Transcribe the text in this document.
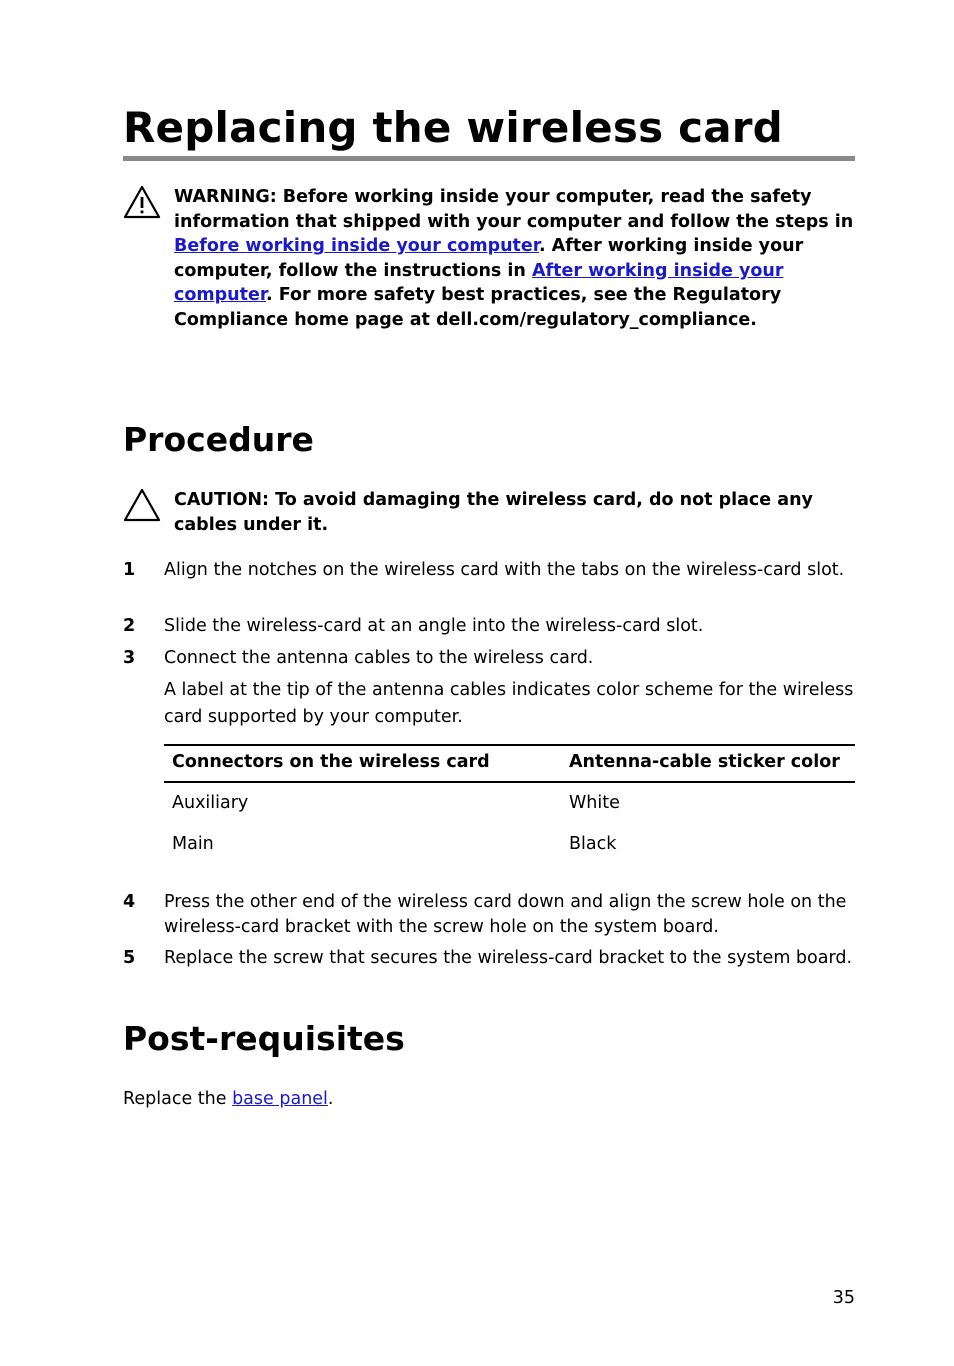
Replacing the wireless card
WARNING: Before working inside your computer, read the safety information that shipped with your computer and follow the steps in Before working inside your computer. After working inside your computer, follow the instructions in After working inside your computer. For more safety best practices, see the Regulatory Compliance home page at dell.com/regulatory_compliance.
Procedure
CAUTION: To avoid damaging the wireless card, do not place any cables under it.
1 Align the notches on the wireless card with the tabs on the wireless-card slot.
2 Slide the wireless-card at an angle into the wireless-card slot.
3 Connect the antenna cables to the wireless card.
A label at the tip of the antenna cables indicates color scheme for the wireless card supported by your computer.
Connectors on the wireless card	Antenna-cable sticker color
Auxiliary	White
Main	Black
4 Press the other end of the wireless card down and align the screw hole on the wireless-card bracket with the screw hole on the system board.
5 Replace the screw that secures the wireless-card bracket to the system board.
Post-requisites
Replace the base panel.
35
